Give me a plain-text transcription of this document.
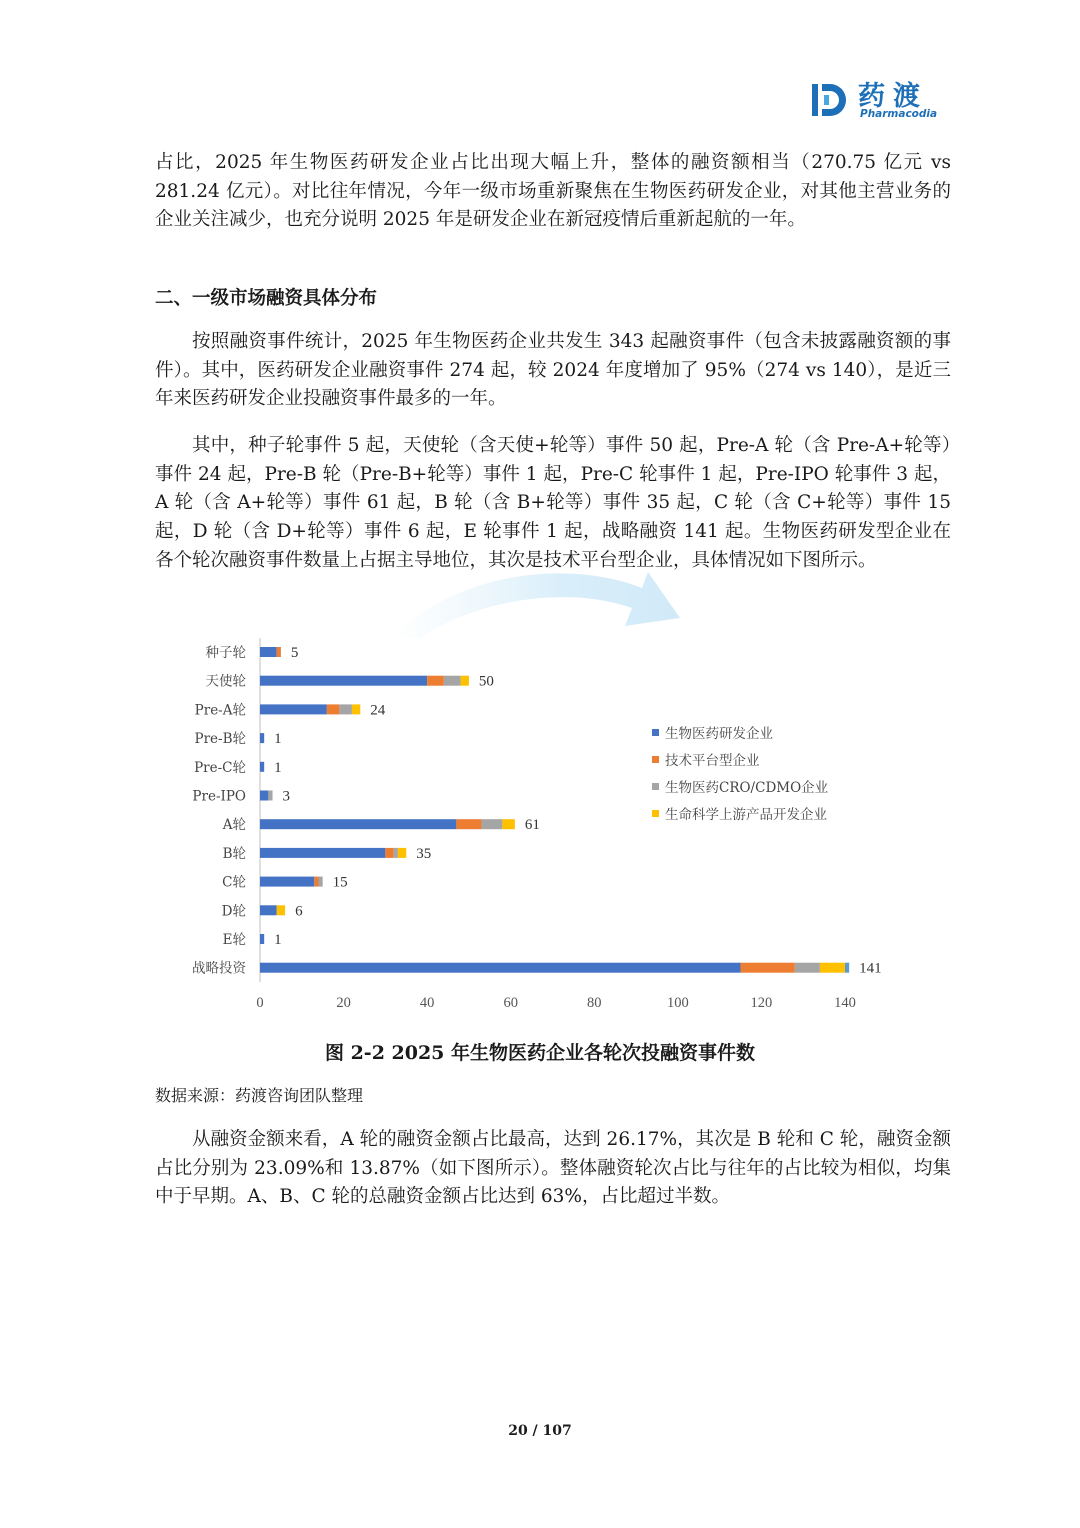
药渡
Pharmacodia

占比，2025 年生物医药研发企业占比出现大幅上升，整体的融资额相当（270.75 亿元 vs 281.24 亿元）。对比往年情况，今年一级市场重新聚焦在生物医药研发企业，对其他主营业务的企业关注减少，也充分说明 2025 年是研发企业在新冠疫情后重新起航的一年。

二、一级市场融资具体分布

按照融资事件统计，2025 年生物医药企业共发生 343 起融资事件（包含未披露融资额的事件）。其中，医药研发企业融资事件 274 起，较 2024 年度增加了 95%（274 vs 140），是近三年来医药研发企业投融资事件最多的一年。

其中，种子轮事件 5 起，天使轮（含天使+轮等）事件 50 起，Pre-A 轮（含 Pre-A+轮等）事件 24 起，Pre-B 轮（Pre-B+轮等）事件 1 起，Pre-C 轮事件 1 起，Pre-IPO 轮事件 3 起，A 轮（含 A+轮等）事件 61 起，B 轮（含 B+轮等）事件 35 起，C 轮（含 C+轮等）事件 15 起，D 轮（含 D+轮等）事件 6 起，E 轮事件 1 起，战略融资 141 起。生物医药研发型企业在各个轮次融资事件数量上占据主导地位，其次是技术平台型企业，具体情况如下图所示。

种子轮
天使轮
Pre-A轮
Pre-B轮
Pre-C轮
Pre-IPO
A轮
B轮
C轮
D轮
E轮
战略投资
5
50
24
1
1
3
61
35
15
6
1
141
0	20	40	60	80	100	120	140
生物医药研发企业
技术平台型企业
生物医药CRO/CDMO企业
生命科学上游产品开发企业

图 2-2 2025 年生物医药企业各轮次投融资事件数

数据来源：药渡咨询团队整理

从融资金额来看，A 轮的融资金额占比最高，达到 26.17%，其次是 B 轮和 C 轮，融资金额占比分别为 23.09%和 13.87%（如下图所示）。整体融资轮次占比与往年的占比较为相似，均集中于早期。A、B、C 轮的总融资金额占比达到 63%，占比超过半数。

20 / 107
